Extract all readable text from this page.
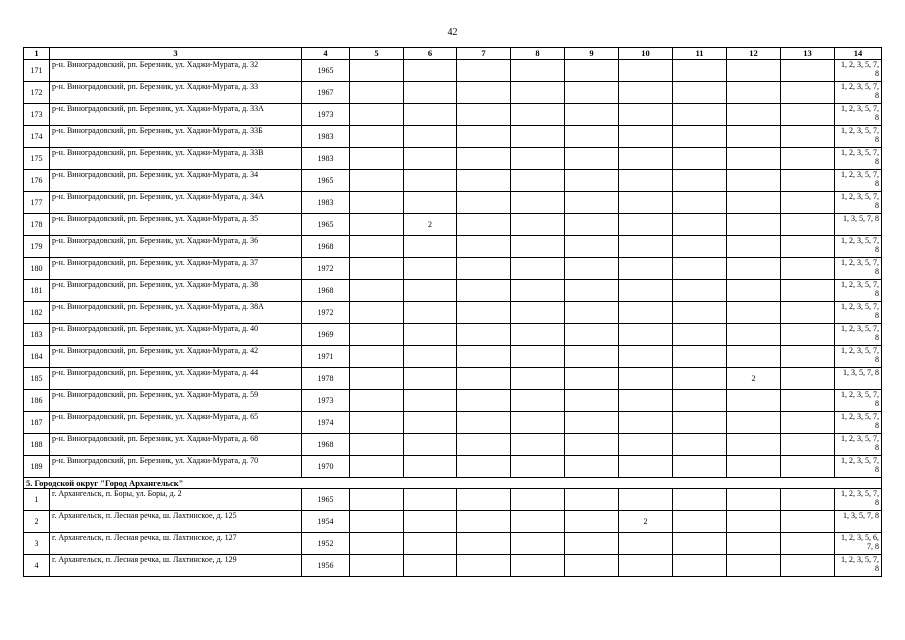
42
1	3	4	5	6	7	8	9	10	11	12	13	14
171	р-н. Виноградовский, рп. Березник, ул. Хаджи-Мурата, д. 32	1965										1, 2, 3, 5, 7, 8
172	р-н. Виноградовский, рп. Березник, ул. Хаджи-Мурата, д. 33	1967										1, 2, 3, 5, 7, 8
173	р-н. Виноградовский, рп. Березник, ул. Хаджи-Мурата, д. 33А	1973										1, 2, 3, 5, 7, 8
174	р-н. Виноградовский, рп. Березник, ул. Хаджи-Мурата, д. 33Б	1983										1, 2, 3, 5, 7, 8
175	р-н. Виноградовский, рп. Березник, ул. Хаджи-Мурата, д. 33В	1983										1, 2, 3, 5, 7, 8
176	р-н. Виноградовский, рп. Березник, ул. Хаджи-Мурата, д. 34	1965										1, 2, 3, 5, 7, 8
177	р-н. Виноградовский, рп. Березник, ул. Хаджи-Мурата, д. 34А	1983										1, 2, 3, 5, 7, 8
178	р-н. Виноградовский, рп. Березник, ул. Хаджи-Мурата, д. 35	1965		2								1, 3, 5, 7, 8
179	р-н. Виноградовский, рп. Березник, ул. Хаджи-Мурата, д. 36	1968										1, 2, 3, 5, 7, 8
180	р-н. Виноградовский, рп. Березник, ул. Хаджи-Мурата, д. 37	1972										1, 2, 3, 5, 7, 8
181	р-н. Виноградовский, рп. Березник, ул. Хаджи-Мурата, д. 38	1968										1, 2, 3, 5, 7, 8
182	р-н. Виноградовский, рп. Березник, ул. Хаджи-Мурата, д. 38А	1972										1, 2, 3, 5, 7, 8
183	р-н. Виноградовский, рп. Березник, ул. Хаджи-Мурата, д. 40	1969										1, 2, 3, 5, 7, 8
184	р-н. Виноградовский, рп. Березник, ул. Хаджи-Мурата, д. 42	1971										1, 2, 3, 5, 7, 8
185	р-н. Виноградовский, рп. Березник, ул. Хаджи-Мурата, д. 44	1978								2		1, 3, 5, 7, 8
186	р-н. Виноградовский, рп. Березник, ул. Хаджи-Мурата, д. 59	1973										1, 2, 3, 5, 7, 8
187	р-н. Виноградовский, рп. Березник, ул. Хаджи-Мурата, д. 65	1974										1, 2, 3, 5, 7, 8
188	р-н. Виноградовский, рп. Березник, ул. Хаджи-Мурата, д. 68	1968										1, 2, 3, 5, 7, 8
189	р-н. Виноградовский, рп. Березник, ул. Хаджи-Мурата, д. 70	1970										1, 2, 3, 5, 7, 8
5. Городской округ "Город Архангельск"												
1	г. Архангельск, п. Боры, ул. Боры, д. 2	1965										1, 2, 3, 5, 7, 8
2	г. Архангельск, п. Лесная речка, ш. Лахтинское, д. 125	1954						2				1, 3, 5, 7, 8
3	г. Архангельск, п. Лесная речка, ш. Лахтинское, д. 127	1952										1, 2, 3, 5, 6, 7, 8
4	г. Архангельск, п. Лесная речка, ш. Лахтинское, д. 129	1956										1, 2, 3, 5, 7, 8
